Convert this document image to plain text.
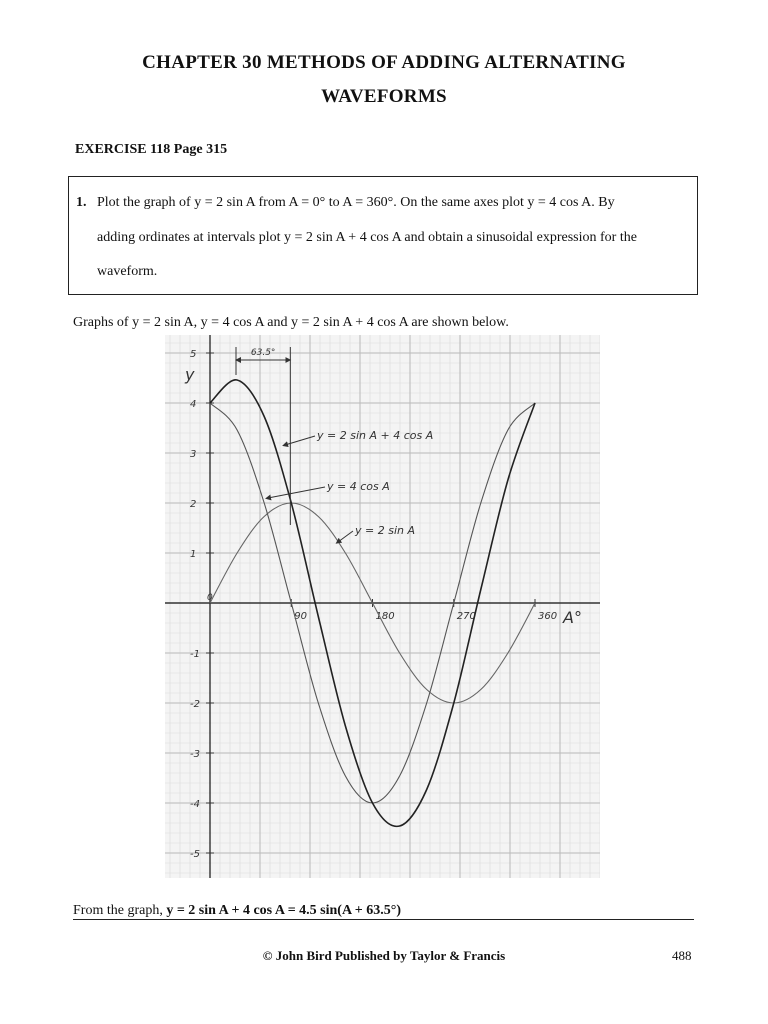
CHAPTER 30 METHODS OF ADDING ALTERNATING
WAVEFORMS
EXERCISE 118 Page 315
1. Plot the graph of y = 2 sin A from A = 0° to A = 360°. On the same axes plot y = 4 cos A. By
adding ordinates at intervals plot y = 2 sin A + 4 cos A and obtain a sinusoidal expression for the
waveform.
Graphs of y = 2 sin A, y = 4 cos A and y = 2 sin A + 4 cos A are shown below.
90	180	270	360
5
4
3
2
1
0
-1
-2
-3
-4
-5
y
A°
63.5°
y = 2 sin A
y = 4 cos A
y = 2 sin A + 4 cos A
From the graph, y = 2 sin A + 4 cos A = 4.5 sin(A + 63.5°)
© John Bird Published by Taylor & Francis	488
